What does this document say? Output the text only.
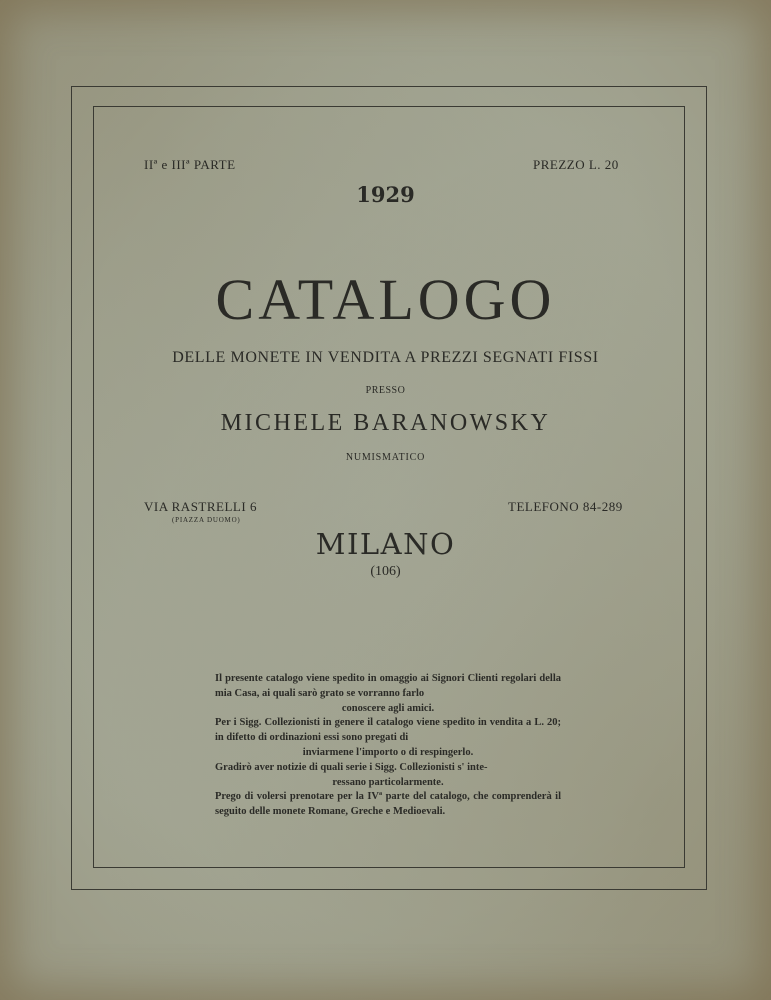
IIª e IIIª PARTE	PREZZO L. 20
1929
CATALOGO
DELLE MONETE IN VENDITA A PREZZI SEGNATI FISSI
PRESSO
MICHELE BARANOWSKY
NUMISMATICO
VIA RASTRELLI 6
(PIAZZA DUOMO)
TELEFONO 84-289
MILANO
(106)

Il presente catalogo viene spedito in omaggio ai Signori Clienti regolari della mia Casa, ai quali sarò grato se vorranno farlo

conoscere agli amici.

Per i Sigg. Collezionisti in genere il catalogo viene spedito in vendita a L. 20; in difetto di ordinazioni essi sono pregati di

inviarmene l'importo o di respingerlo.

Gradirò aver notizie di quali serie i Sigg. Collezionisti s' inte-

ressano particolarmente.

Prego di volersi prenotare per la IVª parte del catalogo, che comprenderà il seguito delle monete Romane, Greche e Medioevali.
